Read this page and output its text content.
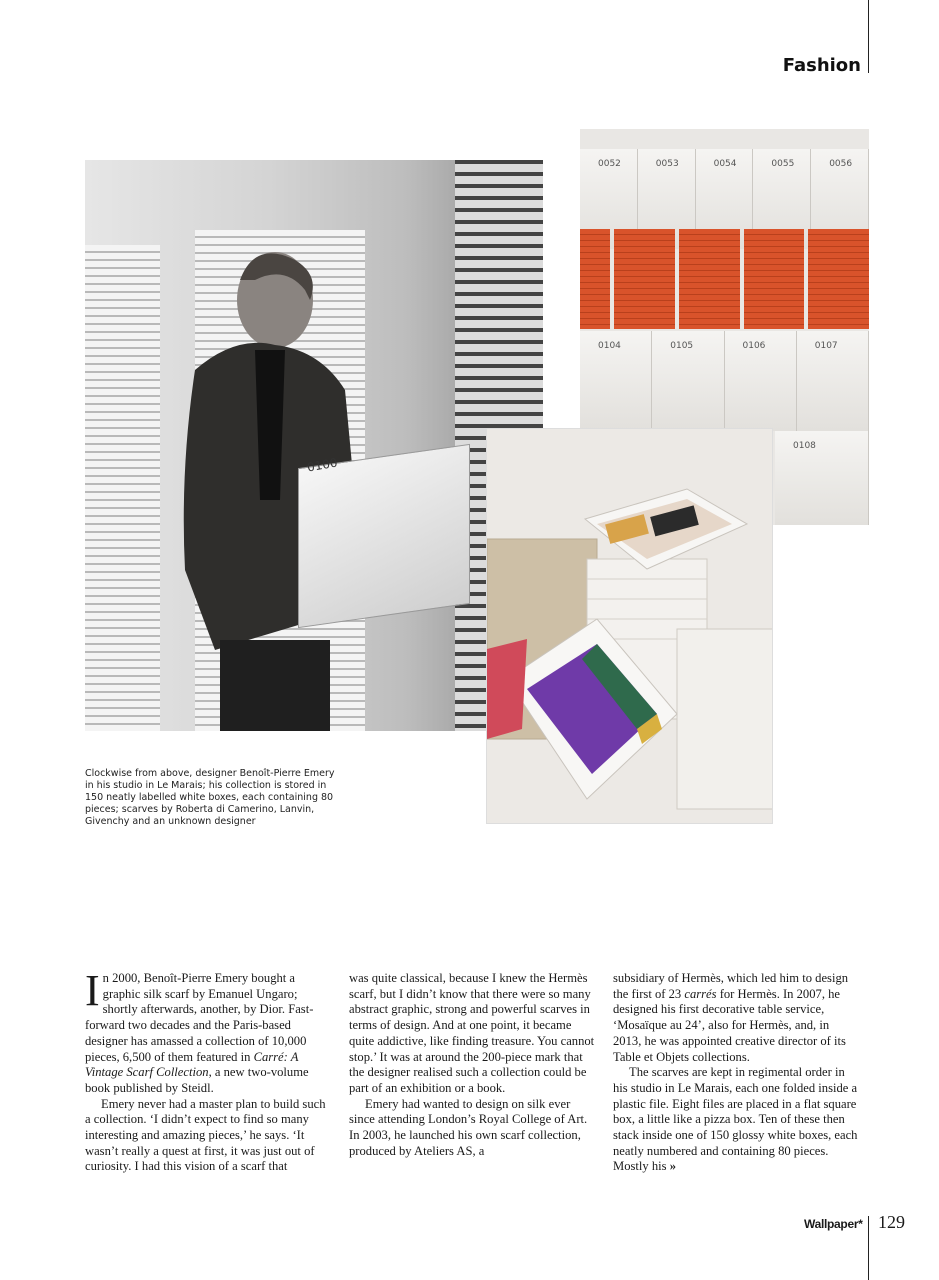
Fashion
0100
0052	0053	0054	0055	0056
0104	0105	0106	0107
0108
Clockwise from above, designer Benoît-Pierre Emery in his studio in Le Marais; his collection is stored in 150 neatly labelled white boxes, each containing 80 pieces; scarves by Roberta di Camerino, Lanvin, Givenchy and an unknown designer

In 2000, Benoît-Pierre Emery bought a graphic silk scarf by Emanuel Ungaro; shortly afterwards, another, by Dior. Fast-forward two decades and the Paris-based designer has amassed a collection of 10,000 pieces, 6,500 of them featured in Carré: A Vintage Scarf Collection, a new two-volume book published by Steidl.

Emery never had a master plan to build such a collection. ‘I didn’t expect to find so many interesting and amazing pieces,’ he says. ‘It wasn’t really a quest at first, it was just out of curiosity. I had this vision of a scarf that

was quite classical, because I knew the Hermès scarf, but I didn’t know that there were so many abstract graphic, strong and powerful scarves in terms of design. And at one point, it became quite addictive, like finding treasure. You cannot stop.’ It was at around the 200-piece mark that the designer realised such a collection could be part of an exhibition or a book.

Emery had wanted to design on silk ever since attending London’s Royal College of Art. In 2003, he launched his own scarf collection, produced by Ateliers AS, a

subsidiary of Hermès, which led him to design the first of 23 carrés for Hermès. In 2007, he designed his first decorative table service, ‘Mosaïque au 24’, also for Hermès, and, in 2013, he was appointed creative director of its Table et Objets collections.

The scarves are kept in regimental order in his studio in Le Marais, each one folded inside a plastic file. Eight files are placed in a flat square box, a little like a pizza box. Ten of these then stack inside one of 150 glossy white boxes, each neatly numbered and containing 80 pieces. Mostly his »

Wallpaper* 129
